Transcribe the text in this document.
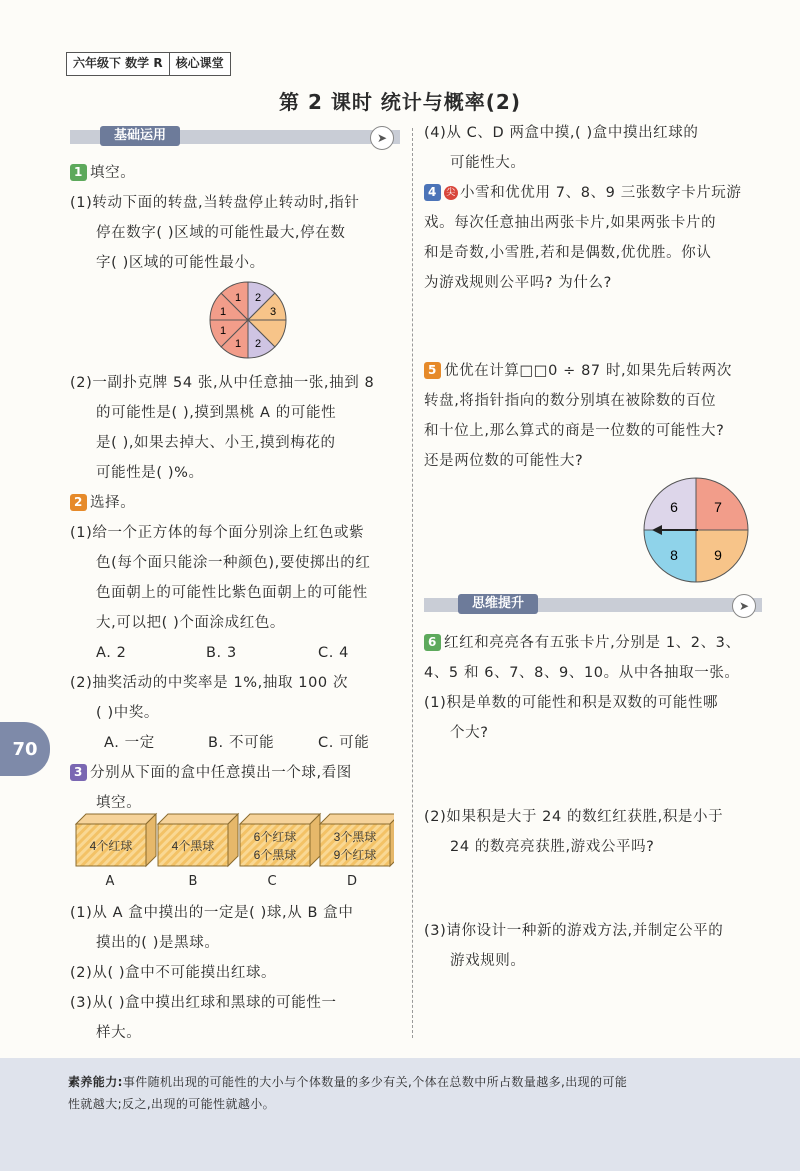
六年级下 数学 R	核心课堂
第 2 课时 统计与概率(2)
基础运用	➤
1 填空。
(1)转动下面的转盘,当转盘停止转动时,指针
停在数字( )区域的可能性最大,停在数
字( )区域的可能性最小。
2
3
2
1
1
1
1
(2)一副扑克牌 54 张,从中任意抽一张,抽到 8
的可能性是( ),摸到黑桃 A 的可能性
是( ),如果去掉大、小王,摸到梅花的
可能性是( )%。
2 选择。
(1)给一个正方体的每个面分别涂上红色或紫
色(每个面只能涂一种颜色),要使掷出的红
色面朝上的可能性比紫色面朝上的可能性
大,可以把( )个面涂成红色。
A. 2	B. 3	C. 4
(2)抽奖活动的中奖率是 1%,抽取 100 次
( )中奖。
A. 一定	B. 不可能	C. 可能
70
3 分别从下面的盒中任意摸出一个球,看图
填空。
4个红球	4个黑球
6个红球
6个黑球
3个黑球
9个红球
A	B	C	D
(1)从 A 盒中摸出的一定是( )球,从 B 盒中
摸出的( )是黑球。
(2)从( )盒中不可能摸出红球。
(3)从( )盒中摸出红球和黑球的可能性一
样大。
(4)从 C、D 两盒中摸,( )盒中摸出红球的
可能性大。
4 尖 小雪和优优用 7、8、9 三张数字卡片玩游
戏。每次任意抽出两张卡片,如果两张卡片的
和是奇数,小雪胜,若和是偶数,优优胜。你认
为游戏规则公平吗? 为什么?
5 优优在计算□□0 ÷ 87 时,如果先后转两次
转盘,将指针指向的数分别填在被除数的百位
和十位上,那么算式的商是一位数的可能性大?
还是两位数的可能性大?
6	7
8	9
思维提升	➤
6 红红和亮亮各有五张卡片,分别是 1、2、3、
4、5 和 6、7、8、9、10。从中各抽取一张。
(1)积是单数的可能性和积是双数的可能性哪
个大?
(2)如果积是大于 24 的数红红获胜,积是小于
24 的数亮亮获胜,游戏公平吗?
(3)请你设计一种新的游戏方法,并制定公平的
游戏规则。
素养能力:事件随机出现的可能性的大小与个体数量的多少有关,个体在总数中所占数量越多,出现的可能
性就越大;反之,出现的可能性就越小。
